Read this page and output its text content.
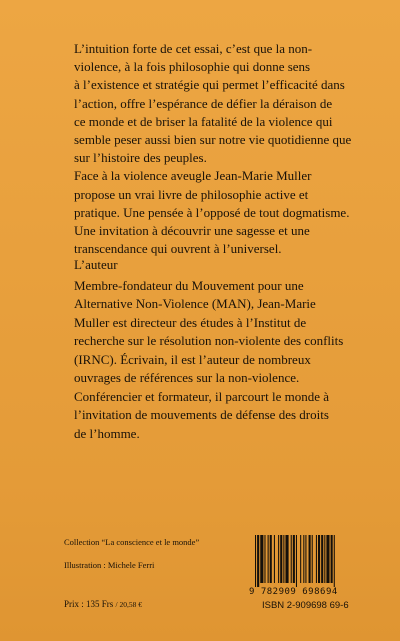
L’intuition forte de cet essai, c’est que la non-

violence, à la fois philosophie qui donne sens

à l’existence et stratégie qui permet l’efficacité dans

l’action, offre l’espérance de défier la déraison de

ce monde et de briser la fatalité de la violence qui

semble peser aussi bien sur notre vie quotidienne que

sur l’histoire des peuples.

Face à la violence aveugle Jean-Marie Muller

propose un vrai livre de philosophie active et

pratique. Une pensée à l’opposé de tout dogmatisme.

Une invitation à découvrir une sagesse et une

transcendance qui ouvrent à l’universel.

L’auteur

Membre-fondateur du Mouvement pour une

Alternative Non-Violence (MAN), Jean-Marie

Muller est directeur des études à l’Institut de

recherche sur le résolution non-violente des conflits

(IRNC). Écrivain, il est l’auteur de nombreux

ouvrages de références sur la non-violence.

Conférencier et formateur, il parcourt le monde à

l’invitation de mouvements de défense des droits

de l’homme.

Collection “La conscience et le monde”
Illustration : Michele Ferri
Prix : 135 Frs / 20,58 €
9 782909 698694
ISBN 2-909698 69-6
